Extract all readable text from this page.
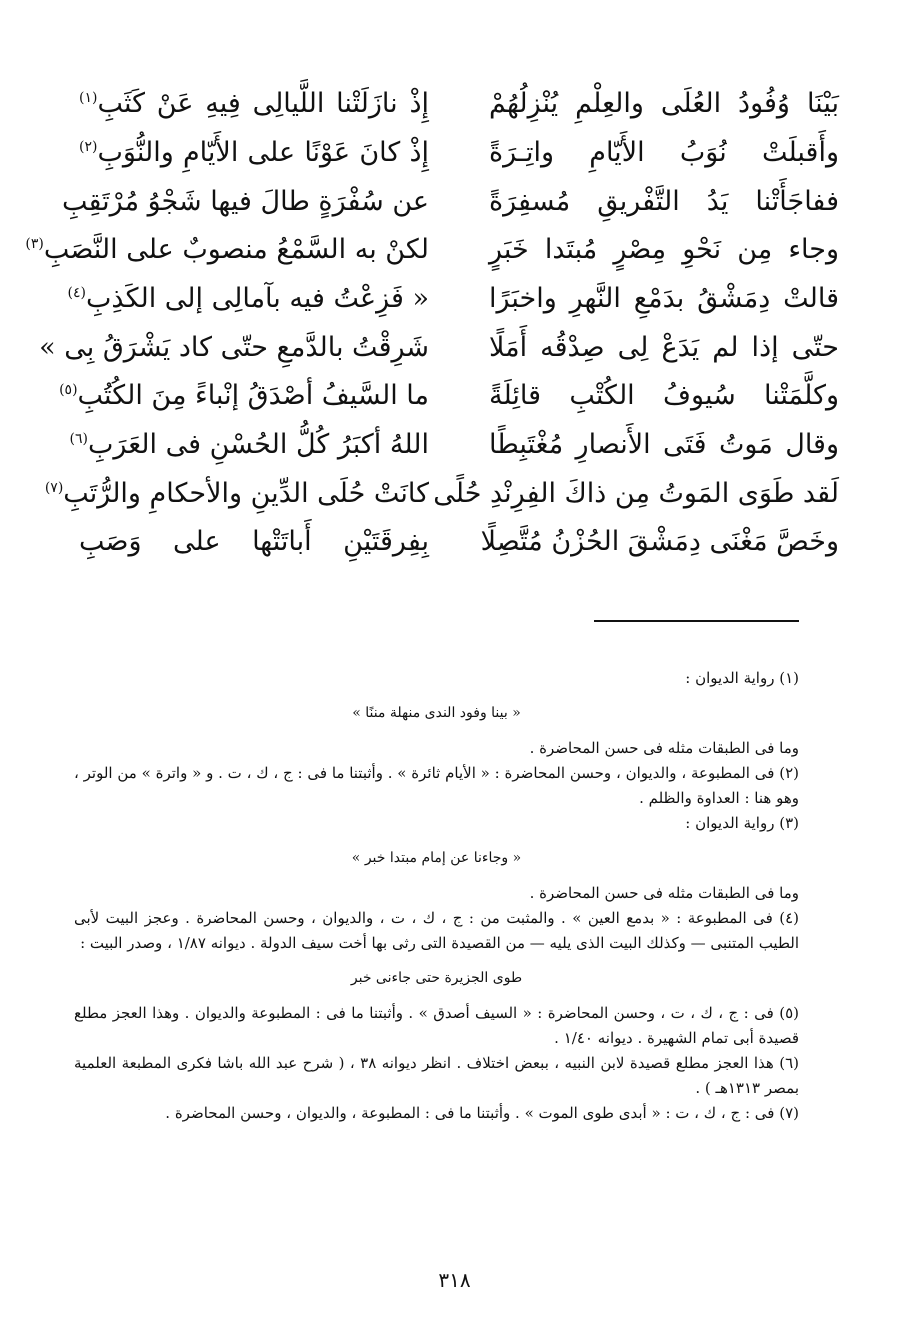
بَيْنَا وُفُودُ العُلَى والعِلْمِ يُنْزِلُهُمْ
إِذْ نازَلَتْنا اللَّيالِى فِيهِ عَنْ كَثَبِ$^{(١)}$
وأَقبلَتْ نُوَبُ الأَيّامِ واتِـرَةً
إِذْ كانَ عَوْنًا على الأَيّامِ والنُّوَبِ$^{(٢)}$
ففاجَأَتْنا يَدُ التَّفْريقِ مُسفِرَةً
عن سُفْرَةٍ طالَ فيها شَجْوُ مُرْتَقِبِ
وجاء مِن نَحْوِ مِصْرٍ مُبتَدا خَبَرٍ
لكنْ به السَّمْعُ منصوبٌ على النَّصَبِ$^{(٣)}$
قالتْ دِمَشْقُ بدَمْعِ النَّهرِ واخبَرًا
« فَزِعْتُ فيه بآمالِى إلى الكَذِبِ$^{(٤)}$
حتّى إذا لم يَدَعْ لِى صِدْقُه أَمَلًا
شَرِقْتُ بالدَّمعِ حتّى كاد يَشْرَقُ بِى »
وكلَّمَتْنا سُيوفُ الكُتْبِ قائِلَةً
ما السَّيفُ أصْدَقُ إنْباءً مِنَ الكُتُبِ$^{(٥)}$
وقال مَوتُ فَتَى الأَنصارِ مُغْتَبِطًا
اللهُ أكبَرُ كُلُّ الحُسْنِ فى العَرَبِ$^{(٦)}$
لَقد طَوَى المَوتُ مِن ذاكَ الفِرِنْدِ حُلًى
كانَتْ حُلَى الدِّينِ والأحكامِ والرُّتَبِ$^{(٧)}$
وخَصَّ مَغْنَى دِمَشْقَ الحُزْنُ مُتَّصِلًا
بِفِرقَتَيْنِ أَباتَتْها على وَصَبِ

(١) رواية الديوان :

« بينا وفود الندى منهلة مننًا »

وما فى الطبقات مثله فى حسن المحاضرة .

(٢) فى المطبوعة ، والديوان ، وحسن المحاضرة : « الأيام ثائرة » . وأثبتنا ما فى : ج ، ك ، ت . و « واترة » من الوتر ، وهو هنا : العداوة والظلم .

(٣) رواية الديوان :

« وجاءنا عن إمام مبتدا خبر »

وما فى الطبقات مثله فى حسن المحاضرة .

(٤) فى المطبوعة : « بدمع العين » . والمثبت من : ج ، ك ، ت ، والديوان ، وحسن المحاضرة . وعجز البيت لأبى الطيب المتنبى — وكذلك البيت الذى يليه — من القصيدة التى رثى بها أخت سيف الدولة . ديوانه ١/٨٧ ، وصدر البيت :

طوى الجزيرة حتى جاءنى خبر

(٥) فى : ج ، ك ، ت ، وحسن المحاضرة : « السيف أصدق » . وأثبتنا ما فى : المطبوعة والديوان . وهذا العجز مطلع قصيدة أبى تمام الشهيرة . ديوانه ١/٤٠ .

(٦) هذا العجز مطلع قصيدة لابن النبيه ، ببعض اختلاف . انظر ديوانه ٣٨ ، ( شرح عبد الله باشا فكرى المطبعة العلمية بمصر ١٣١٣هـ ) .

(٧) فى : ج ، ك ، ت : « أبدى طوى الموت » . وأثبتنا ما فى : المطبوعة ، والديوان ، وحسن المحاضرة .

٣١٨
